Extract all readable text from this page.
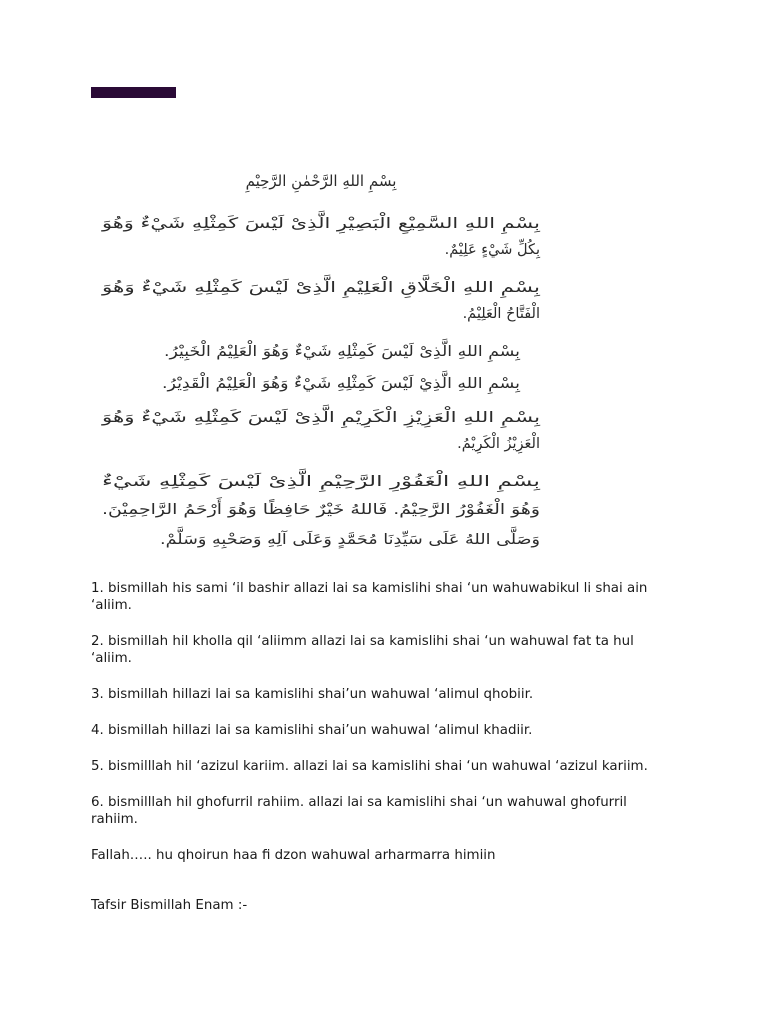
بِسْمِ اللهِ الرَّحْمٰنِ الرَّحِيْمِ
بِسْمِ اللهِ السَّمِيْعِ الْبَصِيْرِ الَّذِىْ لَيْسَ كَمِثْلِهِ شَيْءٌ وَهُوَ
بِكُلِّ شَيْءٍ عَلِيْمٌ.
بِسْمِ اللهِ الْخَلَّاقِ الْعَلِيْمِ الَّذِىْ لَيْسَ كَمِثْلِهِ شَيْءٌ وَهُوَ
الْفَتَّاحُ الْعَلِيْمُ.
بِسْمِ اللهِ الَّذِىْ لَيْسَ كَمِثْلِهِ شَيْءٌ وَهُوَ الْعَلِيْمُ الْخَبِيْرُ.
بِسْمِ اللهِ الَّذِيْ لَيْسَ كَمِثْلِهِ شَيْءٌ وَهُوَ الْعَلِيْمُ الْقَدِيْرُ.
بِسْمِ اللهِ الْعَزِيْزِ الْكَرِيْمِ الَّذِىْ لَيْسَ كَمِثْلِهِ شَيْءٌ وَهُوَ
الْعَزِيْزُ الْكَرِيْمُ.
بِسْمِ اللهِ الْغَفُوْرِ الرَّحِيْمِ الَّذِىْ لَيْسَ كَمِثْلِهِ شَيْءٌ
وَهُوَ الْغَفُوْرُ الرَّحِيْمُ. فَاللهُ خَيْرٌ حَافِظًا وَهُوَ أَرْحَمُ الرَّاحِمِيْنَ.
وَصَلَّى اللهُ عَلَى سَيِّدِنَا مُحَمَّدٍ وَعَلَى آلِهِ وَصَحْبِهِ وَسَلَّمْ.

1. bismillah his sami ‘il bashir allazi lai sa kamislihi shai ‘un wahuwabikul li shai ain ‘aliim.

2. bismillah hil kholla qil ‘aliimm allazi lai sa kamislihi shai ‘un wahuwal fat ta hul ‘aliim.

3. bismillah hillazi lai sa kamislihi shai’un wahuwal ‘alimul qhobiir.

4. bismillah hillazi lai sa kamislihi shai’un wahuwal ‘alimul khadiir.

5. bismilllah hil ‘azizul kariim. allazi lai sa kamislihi shai ‘un wahuwal ‘azizul kariim.

6. bismilllah hil ghofurril rahiim. allazi lai sa kamislihi shai ‘un wahuwal ghofurril rahiim.

Fallah….. hu qhoirun haa fi dzon wahuwal arharmarra himiin

Tafsir Bismillah Enam :-
